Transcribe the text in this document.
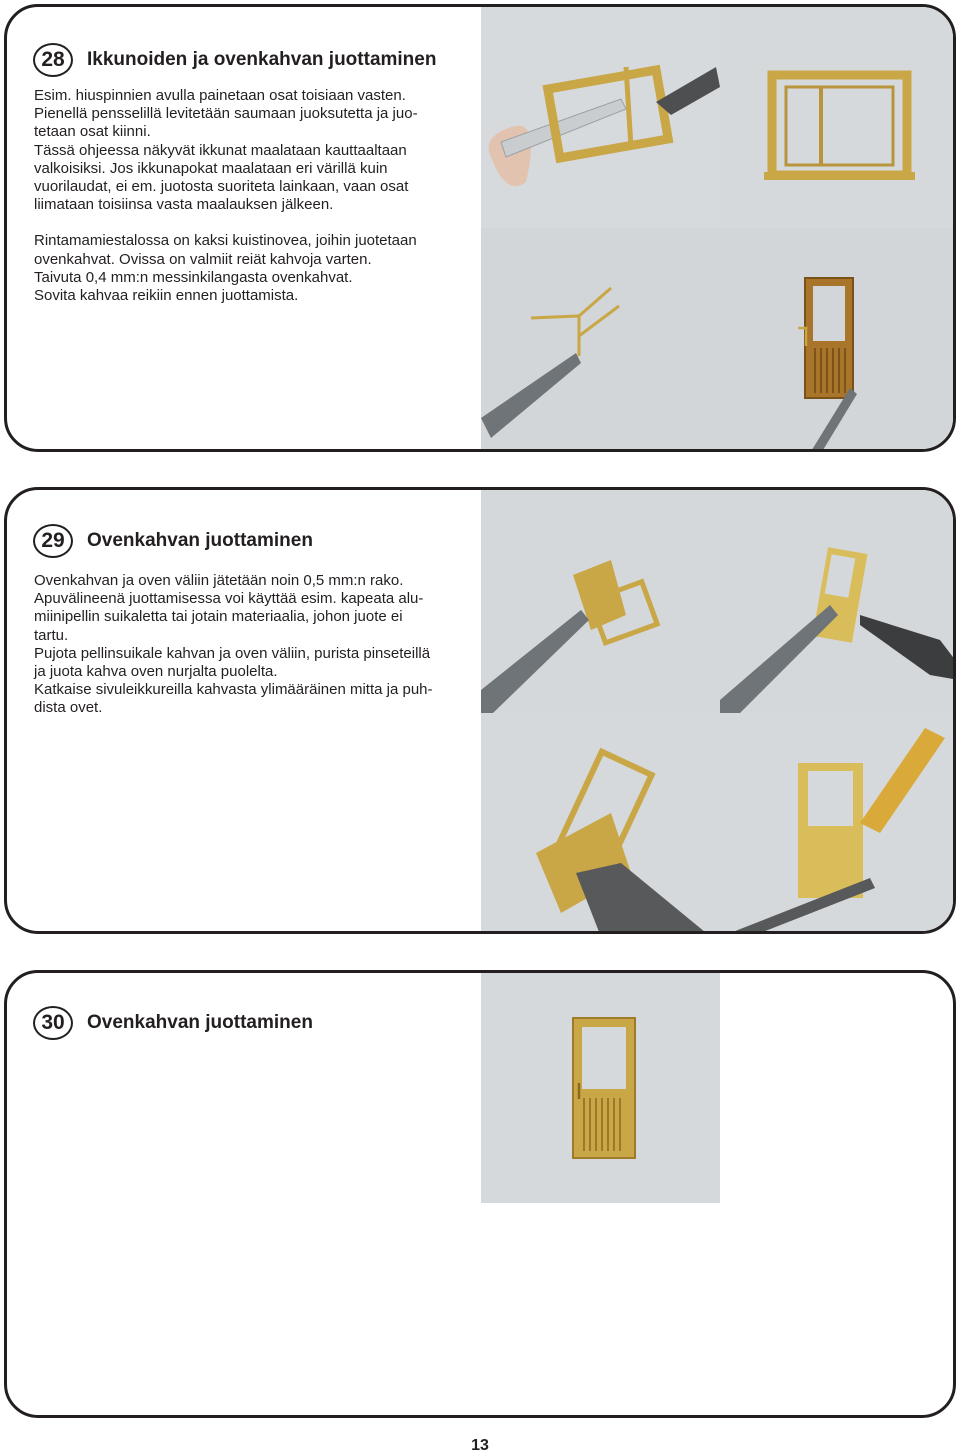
28	Ikkunoiden ja ovenkahvan juottaminen

Esim. hiuspinnien avulla painetaan osat toisiaan vasten.

Pienellä pensselillä levitetään saumaan juoksutetta ja juo-

tetaan osat kiinni.

Tässä ohjeessa näkyvät ikkunat maalataan kauttaaltaan

valkoisiksi. Jos ikkunapokat maalataan eri värillä kuin

vuorilaudat, ei em. juotosta suoriteta lainkaan, vaan osat

liimataan toisiinsa vasta maalauksen jälkeen.

Rintamamiestalossa on kaksi kuistinovea, joihin juotetaan

ovenkahvat. Ovissa on valmiit reiät kahvoja varten.

Taivuta 0,4 mm:n messinkilangasta ovenkahvat.

Sovita kahvaa reikiin ennen juottamista.

29	Ovenkahvan juottaminen

Ovenkahvan ja oven väliin jätetään noin 0,5 mm:n rako.

Apuvälineenä juottamisessa voi käyttää esim. kapeata alu-

miinipellin suikaletta tai jotain materiaalia, johon juote ei

tartu.

Pujota pellinsuikale kahvan ja oven väliin, purista pinseteillä

ja juota kahva oven nurjalta puolelta.

Katkaise sivuleikkureilla kahvasta ylimääräinen mitta ja puh-

dista ovet.

30	Ovenkahvan juottaminen
13
